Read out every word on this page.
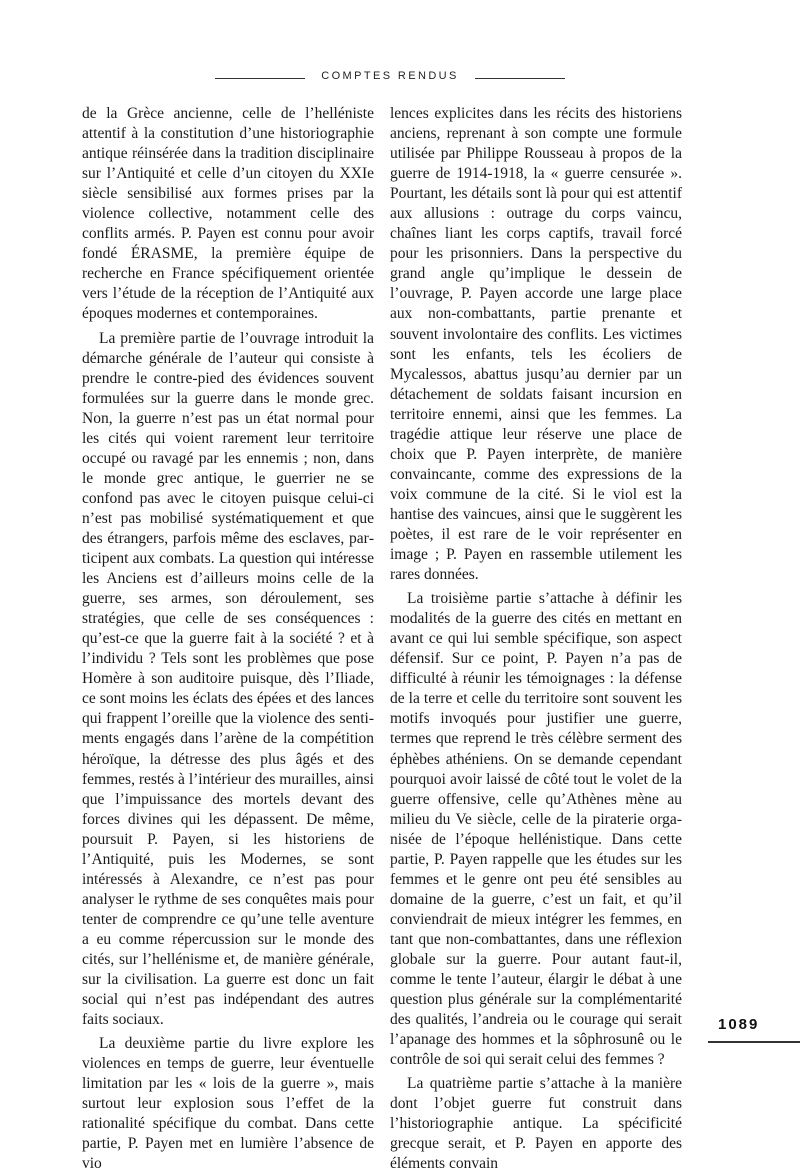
COMPTES RENDUS

de la Grèce ancienne, celle de l’helléniste attentif à la constitution d’une historiographie antique réinsérée dans la tradition disciplinaire sur l’Antiquité et celle d’un citoyen du XXIe siècle sensibilisé aux formes prises par la violence collective, notamment celle des conflits armés. P. Payen est connu pour avoir fondé ÉRASME, la première équipe de recherche en France spécifiquement orientée vers l’étude de la réception de l’Antiquité aux époques modernes et contemporaines.

La première partie de l’ouvrage introduit la démarche générale de l’auteur qui consiste à prendre le contre-pied des évidences souvent formulées sur la guerre dans le monde grec. Non, la guerre n’est pas un état normal pour les cités qui voient rarement leur territoire occupé ou ravagé par les ennemis ; non, dans le monde grec antique, le guerrier ne se confond pas avec le citoyen puisque celui-ci n’est pas mobilisé systématiquement et que des étrangers, parfois même des esclaves, participent aux combats. La question qui intéresse les Anciens est d’ailleurs moins celle de la guerre, ses armes, son déroulement, ses stratégies, que celle de ses conséquences : qu’est-ce que la guerre fait à la société ? et à l’individu ? Tels sont les problèmes que pose Homère à son auditoire puisque, dès l’Iliade, ce sont moins les éclats des épées et des lances qui frappent l’oreille que la violence des sentiments engagés dans l’arène de la compétition héroïque, la détresse des plus âgés et des femmes, restés à l’intérieur des murailles, ainsi que l’impuissance des mortels devant des forces divines qui les dépassent. De même, poursuit P. Payen, si les historiens de l’Antiquité, puis les Modernes, se sont intéressés à Alexandre, ce n’est pas pour analyser le rythme de ses conquêtes mais pour tenter de comprendre ce qu’une telle aventure a eu comme répercussion sur le monde des cités, sur l’hellénisme et, de manière générale, sur la civilisation. La guerre est donc un fait social qui n’est pas indépendant des autres faits sociaux.

La deuxième partie du livre explore les violences en temps de guerre, leur éventuelle limitation par les « lois de la guerre », mais surtout leur explosion sous l’effet de la rationalité spécifique du combat. Dans cette partie, P. Payen met en lumière l’absence de vio

lences explicites dans les récits des historiens anciens, reprenant à son compte une formule utilisée par Philippe Rousseau à propos de la guerre de 1914-1918, la « guerre censurée ». Pourtant, les détails sont là pour qui est attentif aux allusions : outrage du corps vaincu, chaînes liant les corps captifs, travail forcé pour les prisonniers. Dans la perspective du grand angle qu’implique le dessein de l’ouvrage, P. Payen accorde une large place aux non-combattants, partie prenante et souvent involontaire des conflits. Les victimes sont les enfants, tels les écoliers de Mycalessos, abattus jusqu’au dernier par un détachement de soldats faisant incursion en territoire ennemi, ainsi que les femmes. La tragédie attique leur réserve une place de choix que P. Payen interprète, de manière convaincante, comme des expressions de la voix commune de la cité. Si le viol est la hantise des vaincues, ainsi que le suggèrent les poètes, il est rare de le voir représenter en image ; P. Payen en rassemble utilement les rares données.

La troisième partie s’attache à définir les modalités de la guerre des cités en mettant en avant ce qui lui semble spécifique, son aspect défensif. Sur ce point, P. Payen n’a pas de difficulté à réunir les témoignages : la défense de la terre et celle du territoire sont souvent les motifs invoqués pour justifier une guerre, termes que reprend le très célèbre serment des éphèbes athéniens. On se demande cependant pourquoi avoir laissé de côté tout le volet de la guerre offensive, celle qu’Athènes mène au milieu du Ve siècle, celle de la piraterie organisée de l’époque hellénistique. Dans cette partie, P. Payen rappelle que les études sur les femmes et le genre ont peu été sensibles au domaine de la guerre, c’est un fait, et qu’il conviendrait de mieux intégrer les femmes, en tant que non-combattantes, dans une réflexion globale sur la guerre. Pour autant faut-il, comme le tente l’auteur, élargir le débat à une question plus générale sur la complémentarité des qualités, l’andreia ou le courage qui serait l’apanage des hommes et la sôphrosunê ou le contrôle de soi qui serait celui des femmes ?

La quatrième partie s’attache à la manière dont l’objet guerre fut construit dans l’historiographie antique. La spécificité grecque serait, et P. Payen en apporte des éléments convain

1089
